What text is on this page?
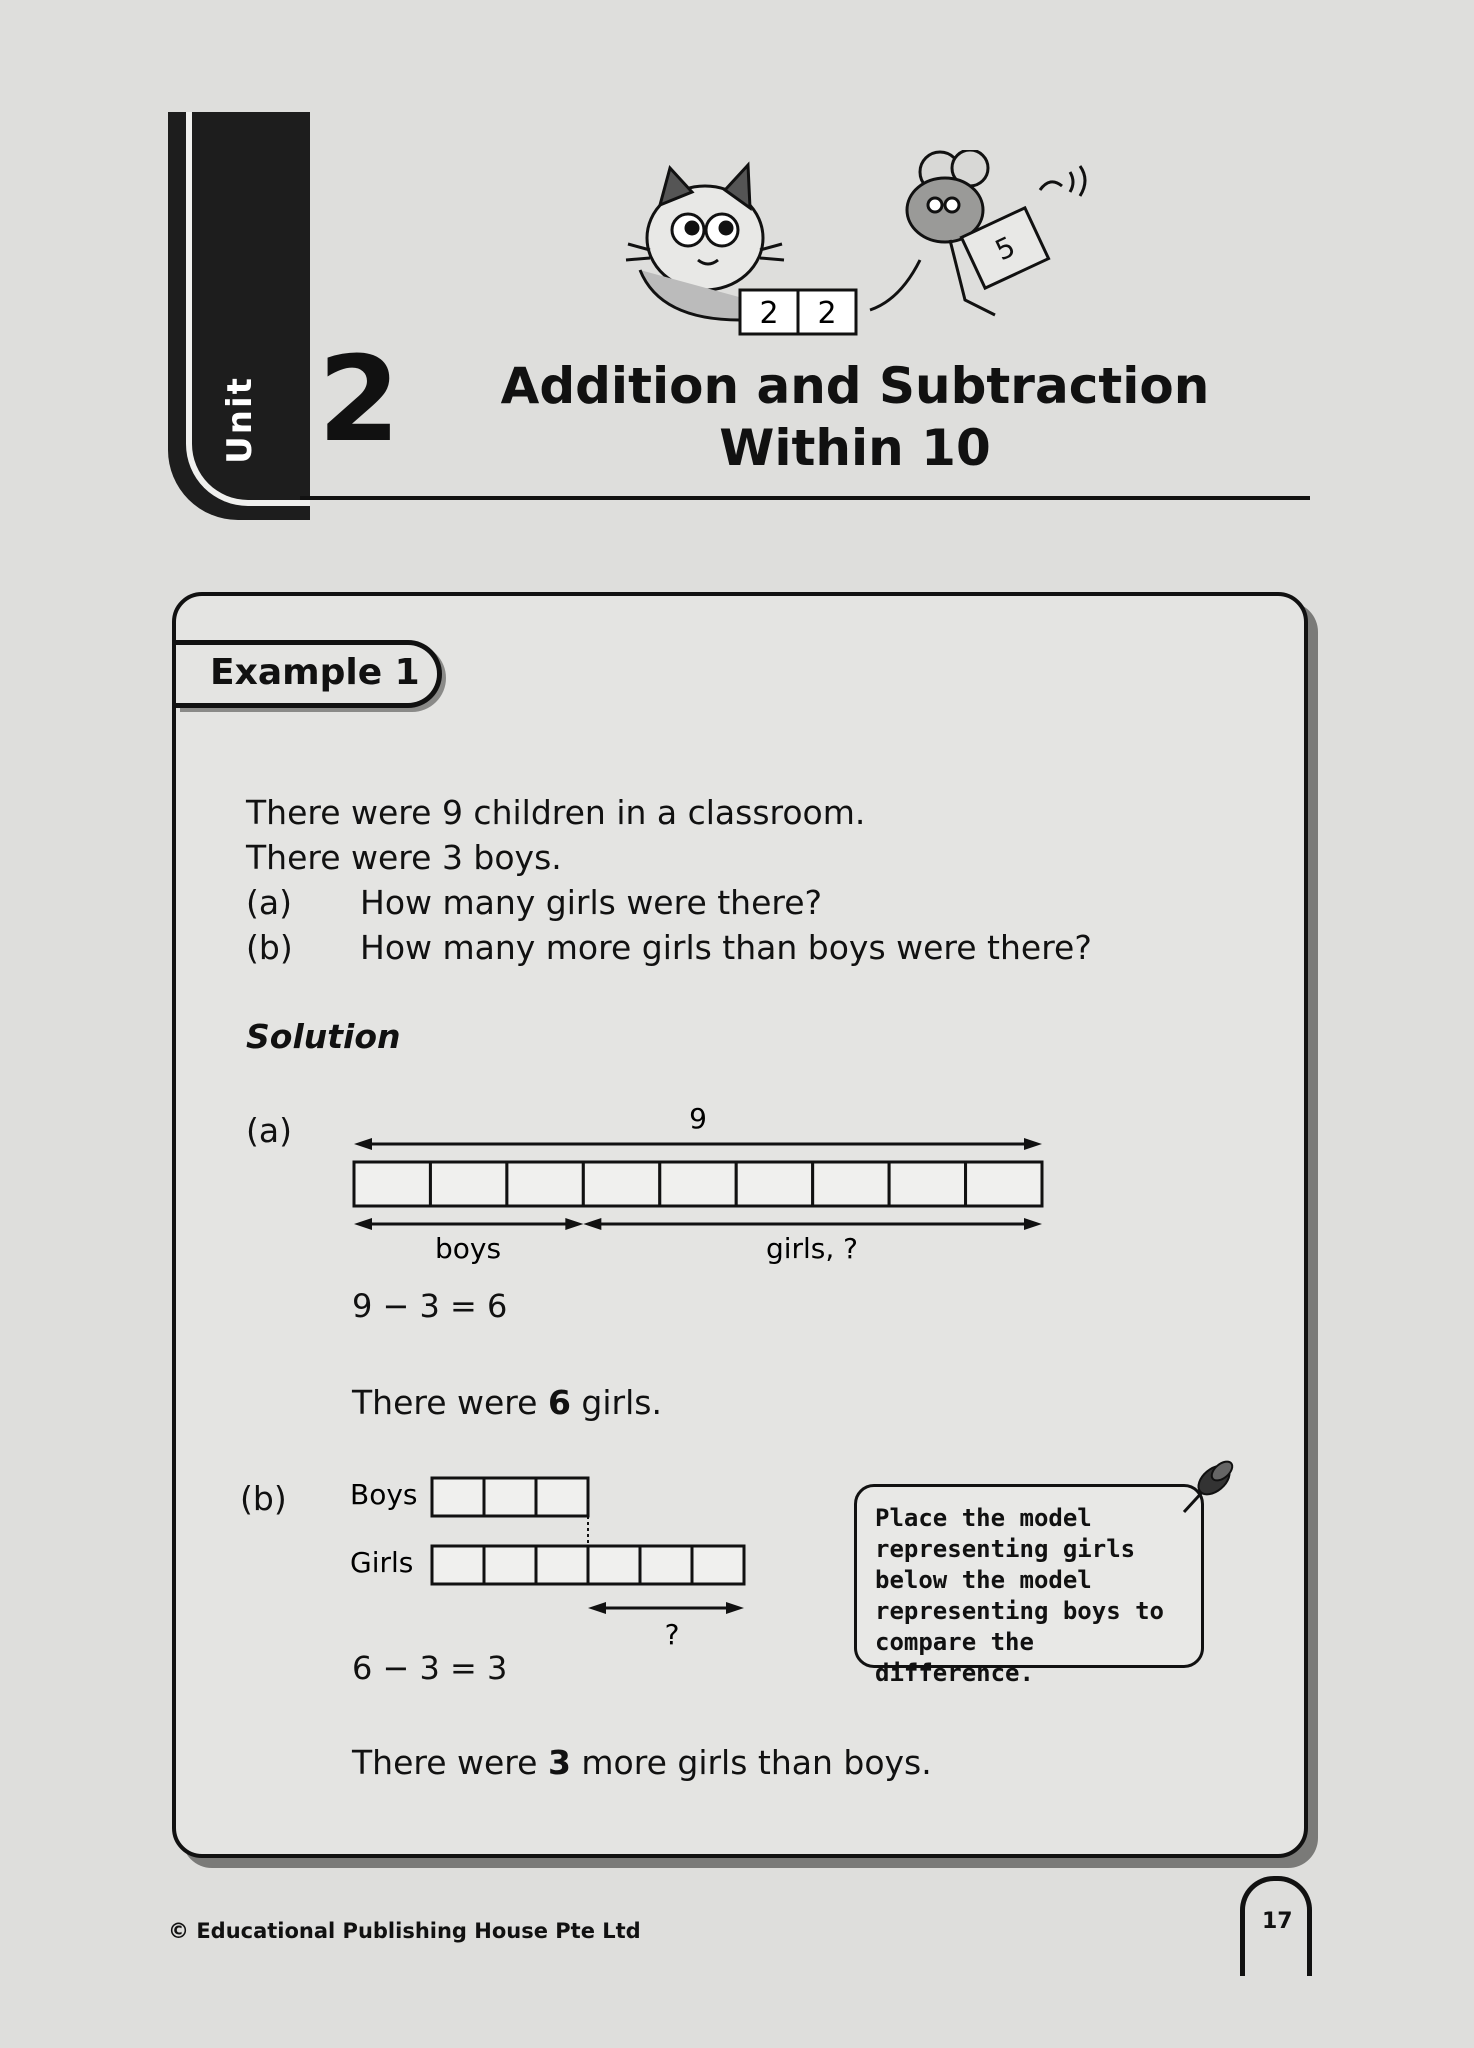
Unit 2	Addition and Subtraction
Within 10
2 2
5
Example 1
There were 9 children in a classroom.
There were 3 boys.
(a) How many girls were there?
(b) How many more girls than boys were there?
Solution
(a)	9
boys	girls, ?
9 − 3 = 6
There were 6 girls.
(b) Boys
Girls
?
6 − 3 = 3
There were 3 more girls than boys.
Place the model representing girls below the model representing boys to compare the difference.
© Educational Publishing House Pte Ltd	17
